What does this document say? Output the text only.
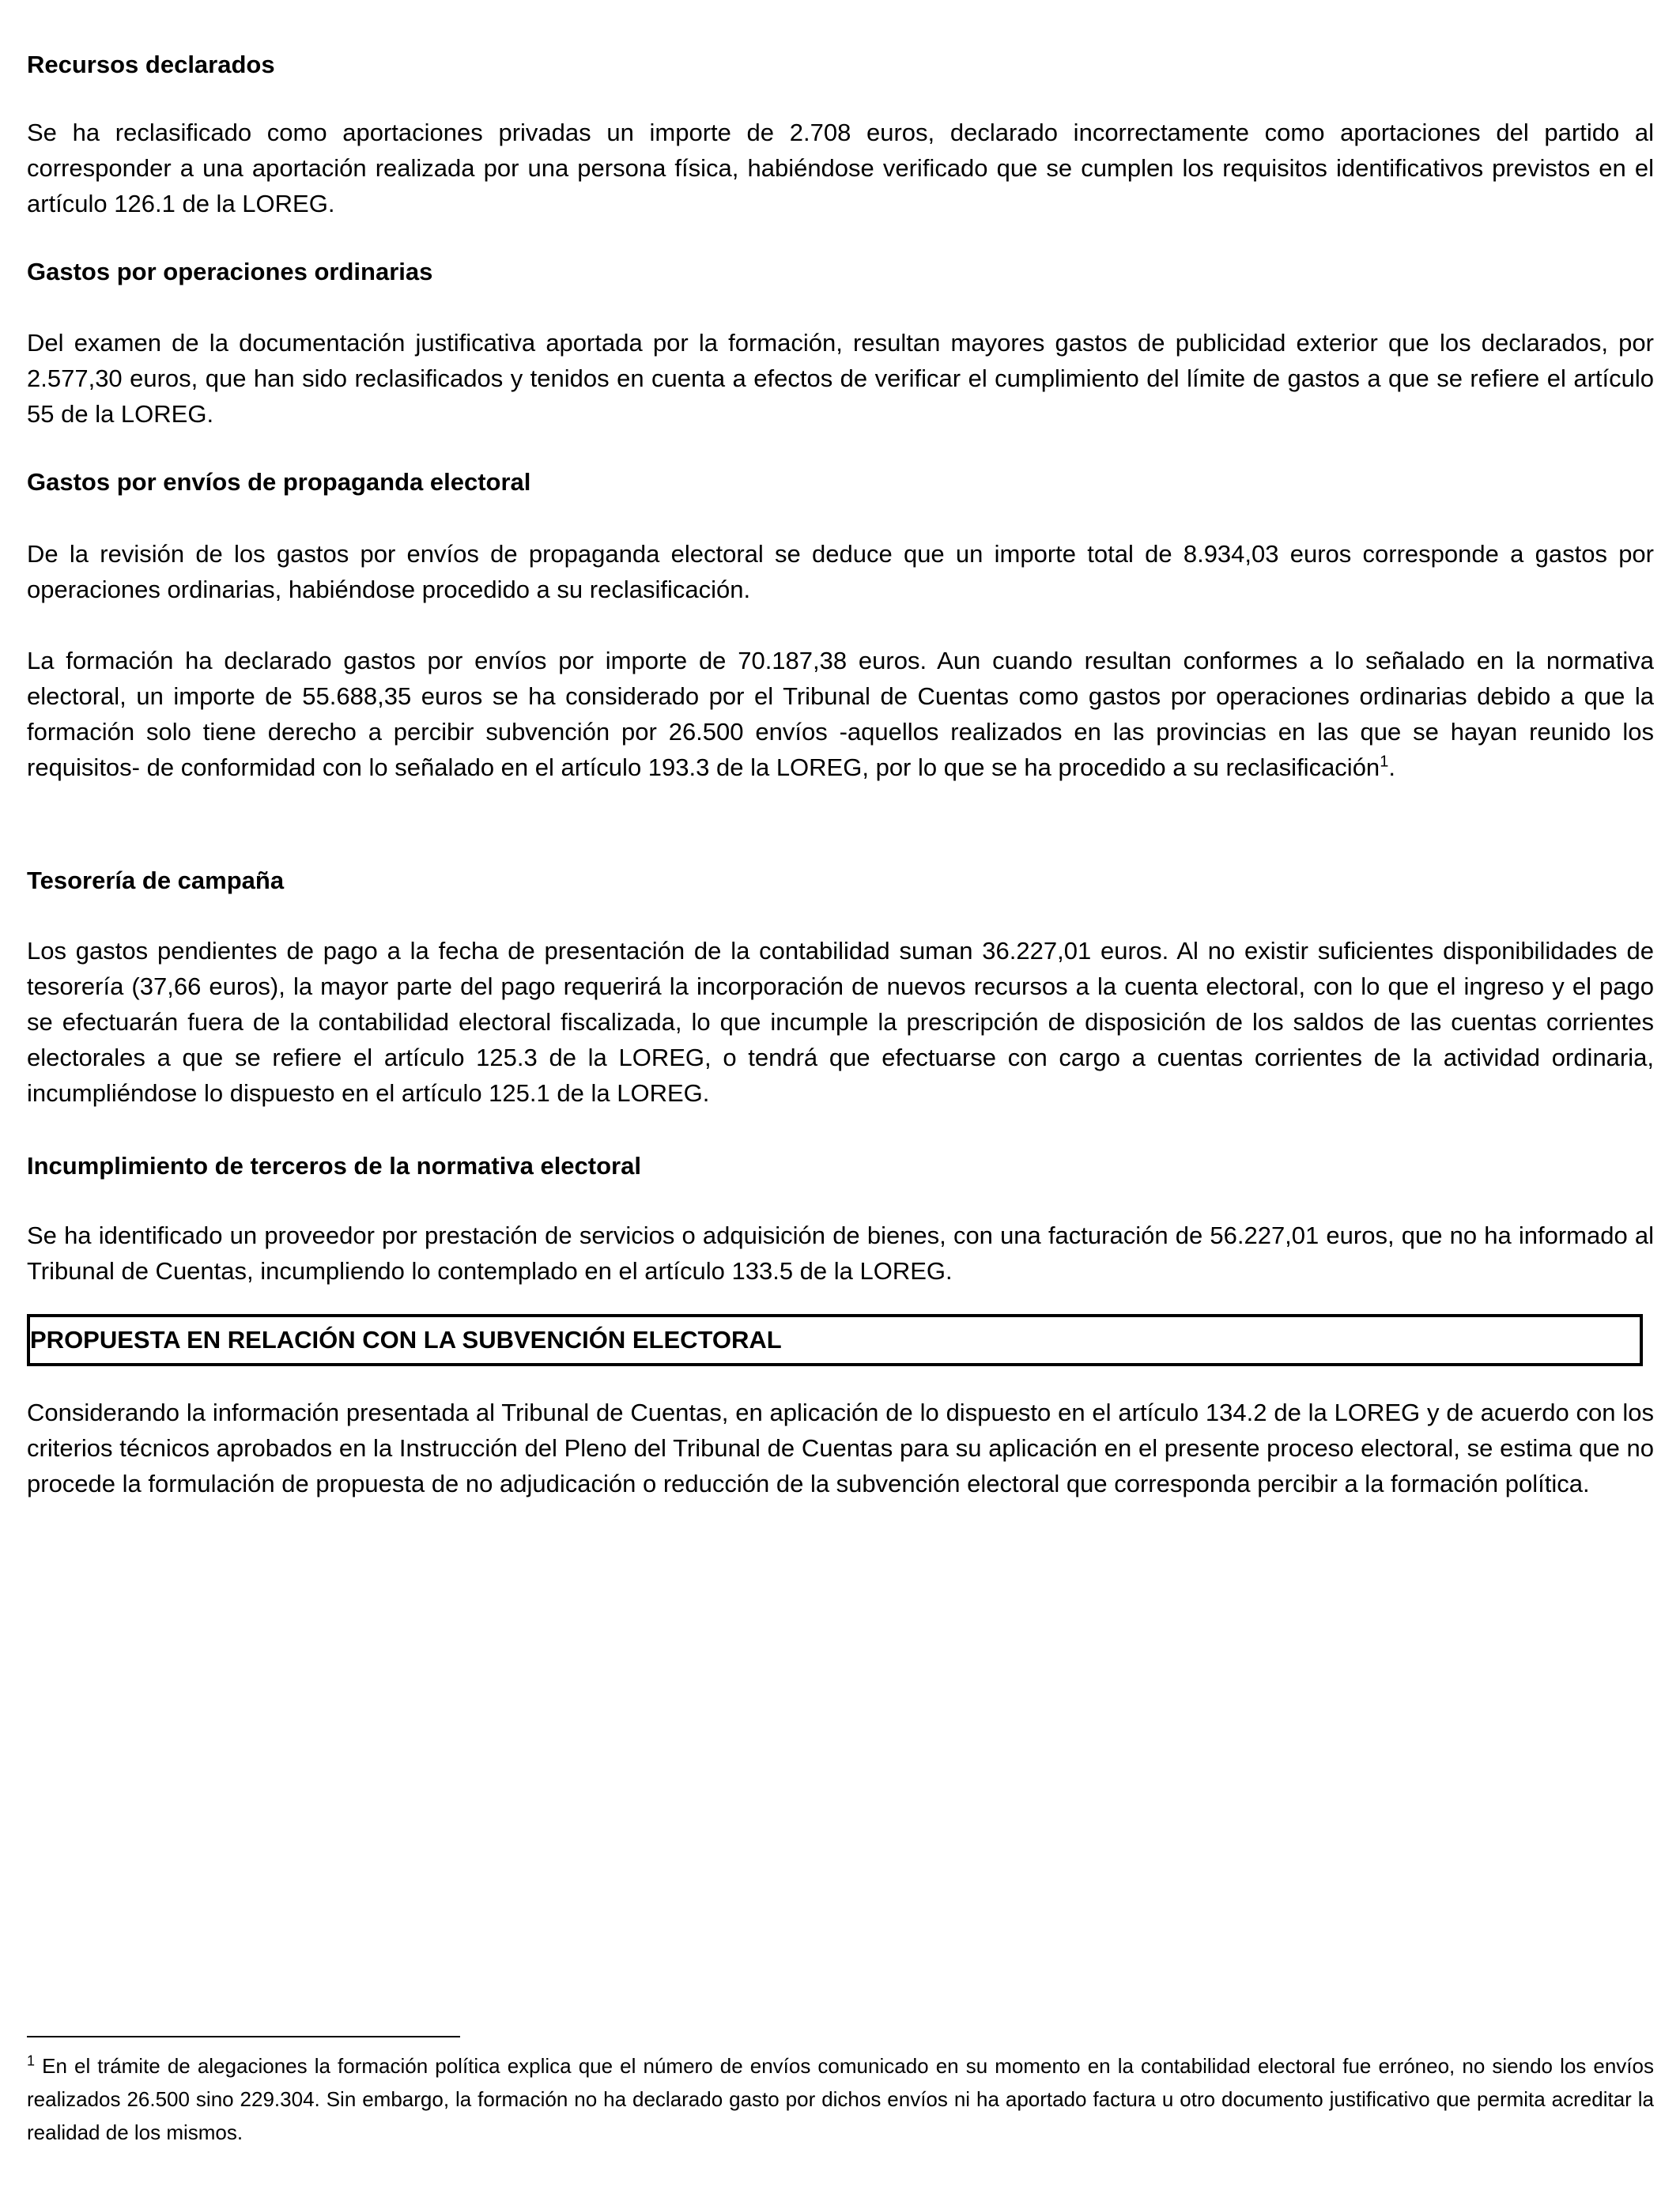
Recursos declarados

Se ha reclasificado como aportaciones privadas un importe de 2.708 euros, declarado incorrectamente como aportaciones del partido al corresponder a una aportación realizada por una persona física, habiéndose verificado que se cumplen los requisitos identificativos previstos en el artículo 126.1 de la LOREG.

Gastos por operaciones ordinarias

Del examen de la documentación justificativa aportada por la formación, resultan mayores gastos de publicidad exterior que los declarados, por 2.577,30 euros, que han sido reclasificados y tenidos en cuenta a efectos de verificar el cumplimiento del límite de gastos a que se refiere el artículo 55 de la LOREG.

Gastos por envíos de propaganda electoral

De la revisión de los gastos por envíos de propaganda electoral se deduce que un importe total de 8.934,03 euros corresponde a gastos por operaciones ordinarias, habiéndose procedido a su reclasificación.

La formación ha declarado gastos por envíos por importe de 70.187,38 euros. Aun cuando resultan conformes a lo señalado en la normativa electoral, un importe de 55.688,35 euros se ha considerado por el Tribunal de Cuentas como gastos por operaciones ordinarias debido a que la formación solo tiene derecho a percibir subvención por 26.500 envíos -aquellos realizados en las provincias en las que se hayan reunido los requisitos- de conformidad con lo señalado en el artículo 193.3 de la LOREG, por lo que se ha procedido a su reclasificación$^1$.

Tesorería de campaña

Los gastos pendientes de pago a la fecha de presentación de la contabilidad suman 36.227,01 euros. Al no existir suficientes disponibilidades de tesorería (37,66 euros), la mayor parte del pago requerirá la incorporación de nuevos recursos a la cuenta electoral, con lo que el ingreso y el pago se efectuarán fuera de la contabilidad electoral fiscalizada, lo que incumple la prescripción de disposición de los saldos de las cuentas corrientes electorales a que se refiere el artículo 125.3 de la LOREG, o tendrá que efectuarse con cargo a cuentas corrientes de la actividad ordinaria, incumpliéndose lo dispuesto en el artículo 125.1 de la LOREG.

Incumplimiento de terceros de la normativa electoral

Se ha identificado un proveedor por prestación de servicios o adquisición de bienes, con una facturación de 56.227,01 euros, que no ha informado al Tribunal de Cuentas, incumpliendo lo contemplado en el artículo 133.5 de la LOREG.

PROPUESTA EN RELACIÓN CON LA SUBVENCIÓN ELECTORAL

Considerando la información presentada al Tribunal de Cuentas, en aplicación de lo dispuesto en el artículo 134.2 de la LOREG y de acuerdo con los criterios técnicos aprobados en la Instrucción del Pleno del Tribunal de Cuentas para su aplicación en el presente proceso electoral, se estima que no procede la formulación de propuesta de no adjudicación o reducción de la subvención electoral que corresponda percibir a la formación política.

$^1$ En el trámite de alegaciones la formación política explica que el número de envíos comunicado en su momento en la contabilidad electoral fue erróneo, no siendo los envíos realizados 26.500 sino 229.304. Sin embargo, la formación no ha declarado gasto por dichos envíos ni ha aportado factura u otro documento justificativo que permita acreditar la realidad de los mismos.
